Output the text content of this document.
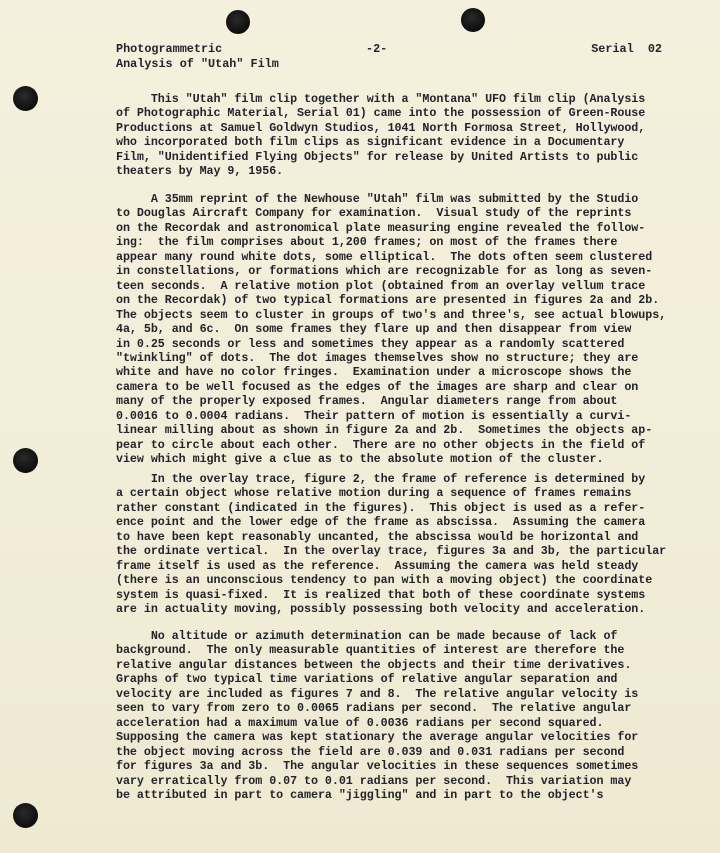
Photogrammetric
Analysis of "Utah" Film
-2-	Serial  02
This "Utah" film clip together with a "Montana" UFO film clip (Analysis
of Photographic Material, Serial 01) came into the possession of Green-Rouse
Productions at Samuel Goldwyn Studios, 1041 North Formosa Street, Hollywood,
who incorporated both film clips as significant evidence in a Documentary
Film, "Unidentified Flying Objects" for release by United Artists to public
theaters by May 9, 1956.
A 35mm reprint of the Newhouse "Utah" film was submitted by the Studio
to Douglas Aircraft Company for examination.  Visual study of the reprints
on the Recordak and astronomical plate measuring engine revealed the follow-
ing:  the film comprises about 1,200 frames; on most of the frames there
appear many round white dots, some elliptical.  The dots often seem clustered
in constellations, or formations which are recognizable for as long as seven-
teen seconds.  A relative motion plot (obtained from an overlay vellum trace
on the Recordak) of two typical formations are presented in figures 2a and 2b.
The objects seem to cluster in groups of two's and three's, see actual blowups,
4a, 5b, and 6c.  On some frames they flare up and then disappear from view
in 0.25 seconds or less and sometimes they appear as a randomly scattered
"twinkling" of dots.  The dot images themselves show no structure; they are
white and have no color fringes.  Examination under a microscope shows the
camera to be well focused as the edges of the images are sharp and clear on
many of the properly exposed frames.  Angular diameters range from about
0.0016 to 0.0004 radians.  Their pattern of motion is essentially a curvi-
linear milling about as shown in figure 2a and 2b.  Sometimes the objects ap-
pear to circle about each other.  There are no other objects in the field of
view which might give a clue as to the absolute motion of the cluster.
In the overlay trace, figure 2, the frame of reference is determined by
a certain object whose relative motion during a sequence of frames remains
rather constant (indicated in the figures).  This object is used as a refer-
ence point and the lower edge of the frame as abscissa.  Assuming the camera
to have been kept reasonably uncanted, the abscissa would be horizontal and
the ordinate vertical.  In the overlay trace, figures 3a and 3b, the particular
frame itself is used as the reference.  Assuming the camera was held steady
(there is an unconscious tendency to pan with a moving object) the coordinate
system is quasi-fixed.  It is realized that both of these coordinate systems
are in actuality moving, possibly possessing both velocity and acceleration.
No altitude or azimuth determination can be made because of lack of
background.  The only measurable quantities of interest are therefore the
relative angular distances between the objects and their time derivatives.
Graphs of two typical time variations of relative angular separation and
velocity are included as figures 7 and 8.  The relative angular velocity is
seen to vary from zero to 0.0065 radians per second.  The relative angular
acceleration had a maximum value of 0.0036 radians per second squared.
Supposing the camera was kept stationary the average angular velocities for
the object moving across the field are 0.039 and 0.031 radians per second
for figures 3a and 3b.  The angular velocities in these sequences sometimes
vary erratically from 0.07 to 0.01 radians per second.  This variation may
be attributed in part to camera "jiggling" and in part to the object's
